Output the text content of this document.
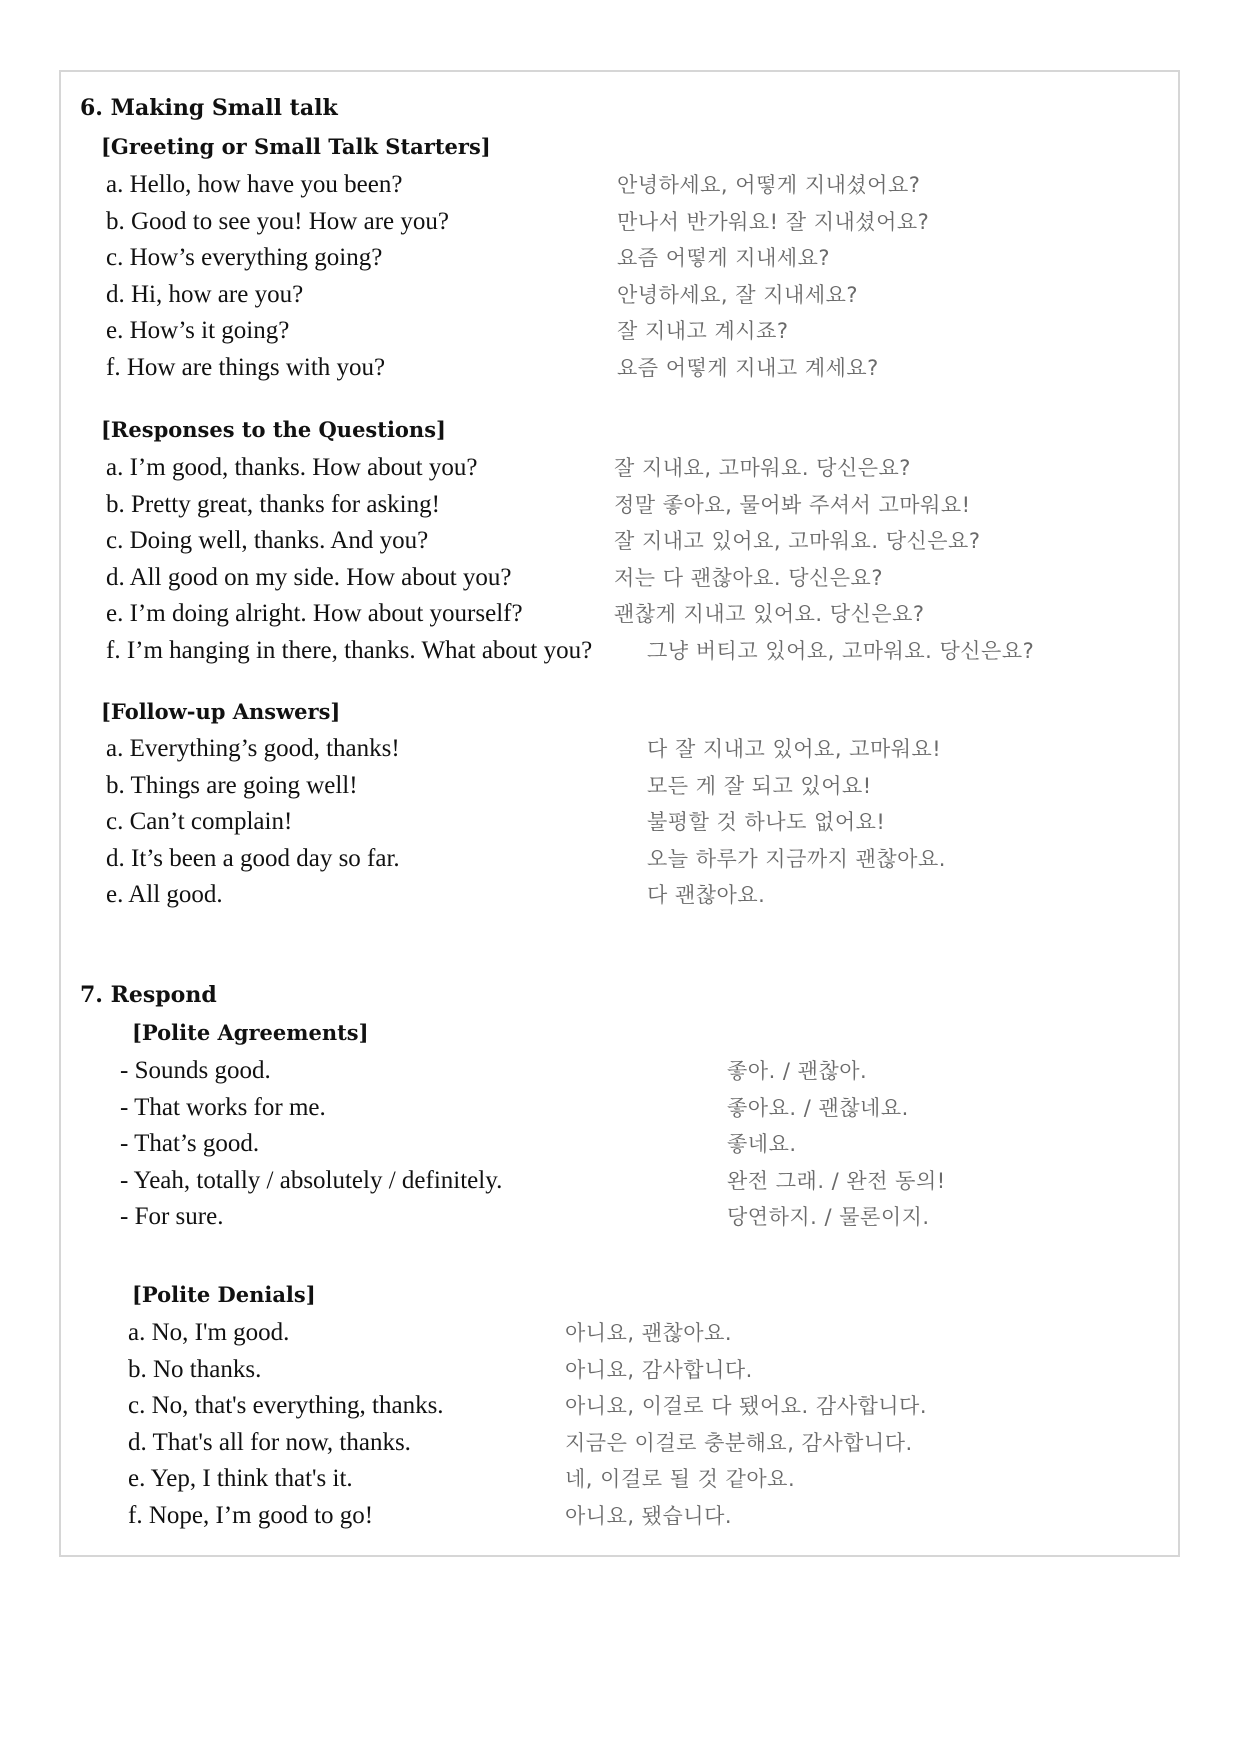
6. Making Small talk
[Greeting or Small Talk Starters]
a. Hello, how have you been?	안녕하세요, 어떻게 지내셨어요?
b. Good to see you! How are you?	만나서 반가워요! 잘 지내셨어요?
c. How’s everything going?	요즘 어떻게 지내세요?
d. Hi, how are you?	안녕하세요, 잘 지내세요?
e. How’s it going?	잘 지내고 계시죠?
f. How are things with you?	요즘 어떻게 지내고 계세요?
[Responses to the Questions]
a. I’m good, thanks. How about you?	잘 지내요, 고마워요. 당신은요?
b. Pretty great, thanks for asking!	정말 좋아요, 물어봐 주셔서 고마워요!
c. Doing well, thanks. And you?	잘 지내고 있어요, 고마워요. 당신은요?
d. All good on my side. How about you?	저는 다 괜찮아요. 당신은요?
e. I’m doing alright. How about yourself?	괜찮게 지내고 있어요. 당신은요?
f. I’m hanging in there, thanks. What about you?	그냥 버티고 있어요, 고마워요. 당신은요?
[Follow-up Answers]
a. Everything’s good, thanks!	다 잘 지내고 있어요, 고마워요!
b. Things are going well!	모든 게 잘 되고 있어요!
c. Can’t complain!	불평할 것 하나도 없어요!
d. It’s been a good day so far.	오늘 하루가 지금까지 괜찮아요.
e. All good.	다 괜찮아요.
7. Respond
[Polite Agreements]
- Sounds good.	좋아. / 괜찮아.
- That works for me.	좋아요. / 괜찮네요.
- That’s good.	좋네요.
- Yeah, totally / absolutely / definitely.	완전 그래. / 완전 동의!
- For sure.	당연하지. / 물론이지.
[Polite Denials]
a. No, I'm good.	아니요, 괜찮아요.
b. No thanks.	아니요, 감사합니다.
c. No, that's everything, thanks.	아니요, 이걸로 다 됐어요. 감사합니다.
d. That's all for now, thanks.	지금은 이걸로 충분해요, 감사합니다.
e. Yep, I think that's it.	네, 이걸로 될 것 같아요.
f. Nope, I’m good to go!	아니요, 됐습니다.
